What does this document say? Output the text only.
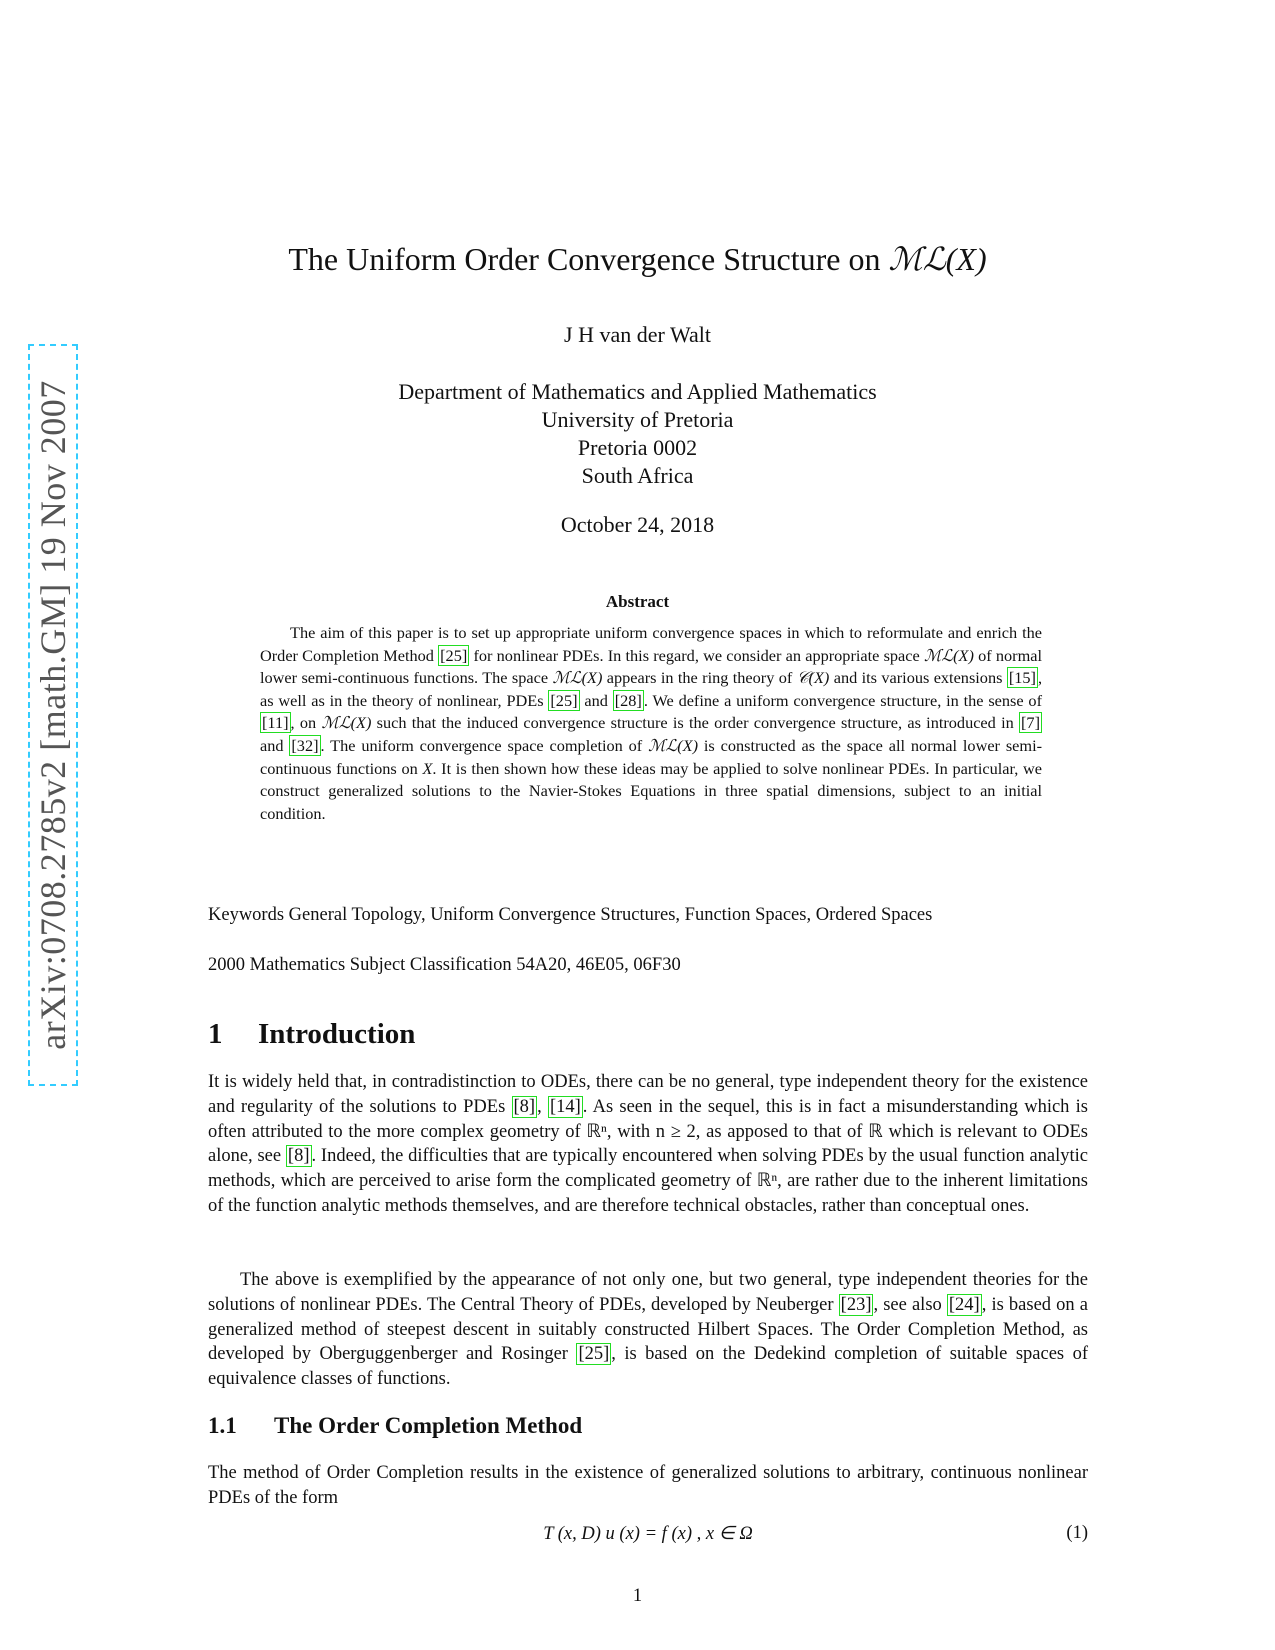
arXiv:0708.2785v2 [math.GM] 19 Nov 2007
The Uniform Order Convergence Structure on ℳℒ(X)
J H van der Walt
Department of Mathematics and Applied Mathematics
University of Pretoria
Pretoria 0002
South Africa
October 24, 2018
Abstract
The aim of this paper is to set up appropriate uniform convergence spaces in which to reformulate and enrich the Order Completion Method [25] for nonlinear PDEs. In this regard, we consider an appropriate space ℳℒ(X) of normal lower semi-continuous functions. The space ℳℒ(X) appears in the ring theory of 𝒞(X) and its various extensions [15] , as well as in the theory of nonlinear, PDEs [25] and [28] . We define a uniform convergence structure, in the sense of [11] , on ℳℒ(X) such that the induced convergence structure is the order convergence structure, as introduced in [7] and [32] . The uniform convergence space completion of ℳℒ(X) is constructed as the space all normal lower semi-continuous functions on X. It is then shown how these ideas may be applied to solve nonlinear PDEs. In particular, we construct generalized solutions to the Navier-Stokes Equations in three spatial dimensions, subject to an initial condition.
Keywords General Topology, Uniform Convergence Structures, Function Spaces, Ordered Spaces
2000 Mathematics Subject Classification 54A20, 46E05, 06F30
1 Introduction
It is widely held that, in contradistinction to ODEs, there can be no general, type independent theory for the existence and regularity of the solutions to PDEs [8] , [14] . As seen in the sequel, this is in fact a misunderstanding which is often attributed to the more complex geometry of ℝⁿ, with n ≥ 2, as apposed to that of ℝ which is relevant to ODEs alone, see [8] . Indeed, the difficulties that are typically encountered when solving PDEs by the usual function analytic methods, which are perceived to arise form the complicated geometry of ℝⁿ, are rather due to the inherent limitations of the function analytic methods themselves, and are therefore technical obstacles, rather than conceptual ones.
The above is exemplified by the appearance of not only one, but two general, type independent theories for the solutions of nonlinear PDEs. The Central Theory of PDEs, developed by Neuberger [23] , see also [24] , is based on a generalized method of steepest descent in suitably constructed Hilbert Spaces. The Order Completion Method, as developed by Oberguggenberger and Rosinger [25] , is based on the Dedekind completion of suitable spaces of equivalence classes of functions.
1.1 The Order Completion Method
The method of Order Completion results in the existence of generalized solutions to arbitrary, continuous nonlinear PDEs of the form
T (x, D) u (x) = f (x) , x ∈ Ω	(1)
1
